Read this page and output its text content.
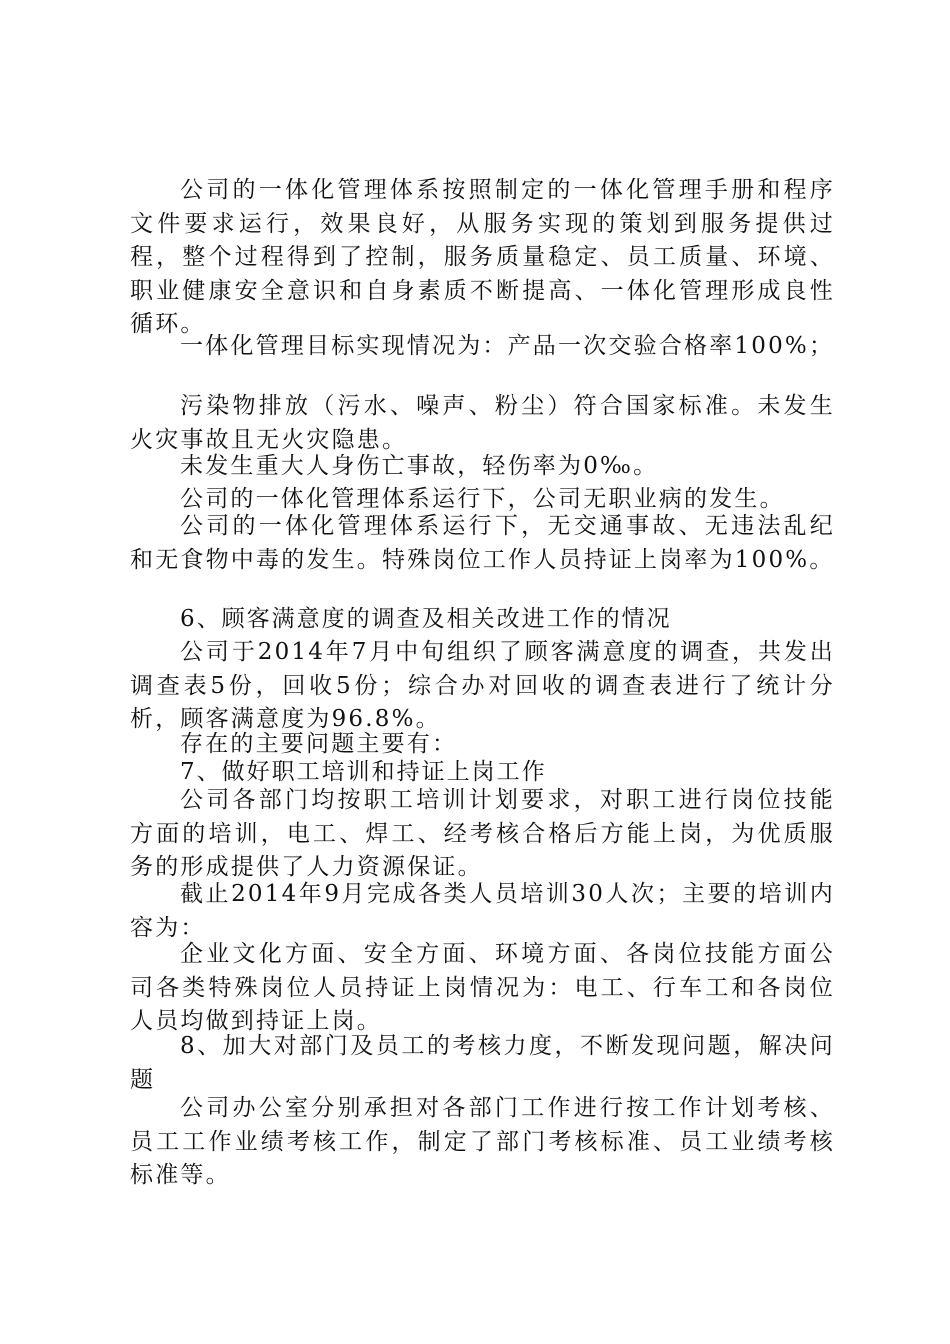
公司的一体化管理体系按照制定的一体化管理手册和程序文件要求运行，效果良好，从服务实现的策划到服务提供过程，整个过程得到了控制，服务质量稳定、员工质量、环境、职业健康安全意识和自身素质不断提高、一体化管理形成良性循环。
一体化管理目标实现情况为：产品一次交验合格率100%；
污染物排放（污水、噪声、粉尘）符合国家标准。未发生火灾事故且无火灾隐患。
未发生重大人身伤亡事故，轻伤率为0‰。
公司的一体化管理体系运行下，公司无职业病的发生。
公司的一体化管理体系运行下，无交通事故、无违法乱纪和无食物中毒的发生。特殊岗位工作人员持证上岗率为100%。
6、顾客满意度的调查及相关改进工作的情况
公司于2014年7月中旬组织了顾客满意度的调查，共发出调查表5份，回收5份；综合办对回收的调查表进行了统计分析，顾客满意度为96.8%。
存在的主要问题主要有：
7、做好职工培训和持证上岗工作
公司各部门均按职工培训计划要求，对职工进行岗位技能方面的培训，电工、焊工、经考核合格后方能上岗，为优质服务的形成提供了人力资源保证。
截止2014年9月完成各类人员培训30人次；主要的培训内容为：
企业文化方面、安全方面、环境方面、各岗位技能方面公司各类特殊岗位人员持证上岗情况为：电工、行车工和各岗位人员均做到持证上岗。
8、加大对部门及员工的考核力度，不断发现问题，解决问题
公司办公室分别承担对各部门工作进行按工作计划考核、员工工作业绩考核工作，制定了部门考核标准、员工业绩考核标准等。
